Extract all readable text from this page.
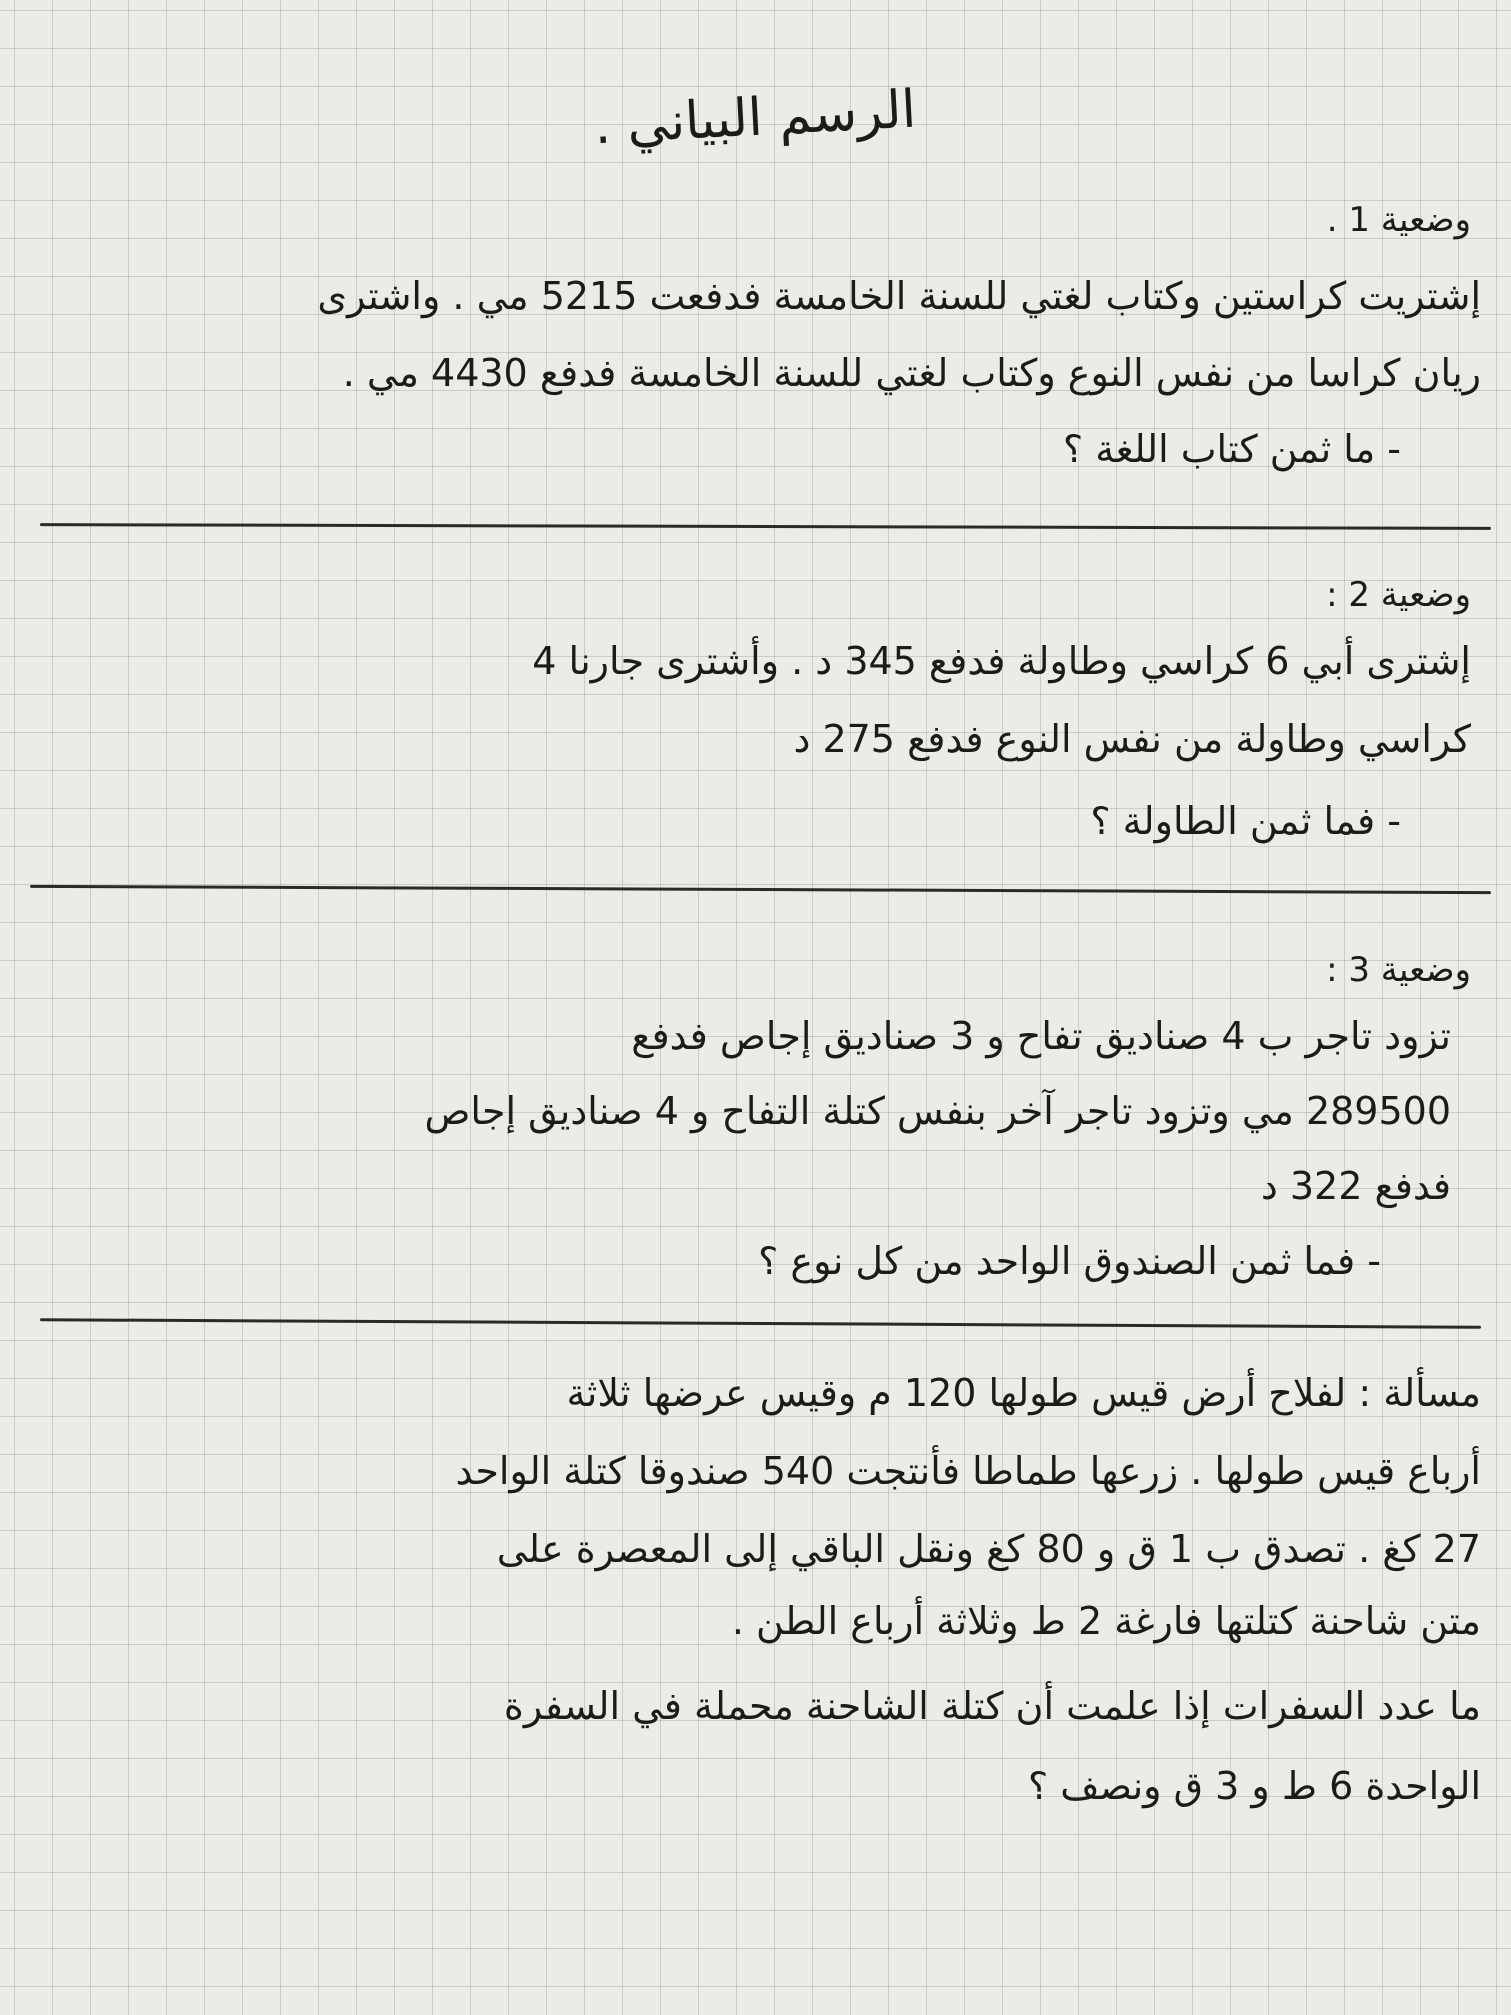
الرسم البياني .
وضعية 1 .
إشتريت كراستين وكتاب لغتي للسنة الخامسة فدفعت 5215 مي . واشترى
ريان كراسا من نفس النوع وكتاب لغتي للسنة الخامسة فدفع 4430 مي .
- ما ثمن كتاب اللغة ؟
وضعية 2 :
إشترى أبي 6 كراسي وطاولة فدفع 345 د . وأشترى جارنا 4
كراسي وطاولة من نفس النوع فدفع 275 د
- فما ثمن الطاولة ؟
وضعية 3 :
تزود تاجر ب 4 صناديق تفاح و 3 صناديق إجاص فدفع
289500 مي وتزود تاجر آخر بنفس كتلة التفاح و 4 صناديق إجاص
فدفع 322 د
- فما ثمن الصندوق الواحد من كل نوع ؟
مسألة : لفلاح أرض قيس طولها 120 م وقيس عرضها ثلاثة
أرباع قيس طولها . زرعها طماطا فأنتجت 540 صندوقا كتلة الواحد
27 كغ . تصدق ب 1 ق و 80 كغ ونقل الباقي إلى المعصرة على
متن شاحنة كتلتها فارغة 2 ط وثلاثة أرباع الطن .
ما عدد السفرات إذا علمت أن كتلة الشاحنة محملة في السفرة
الواحدة 6 ط و 3 ق ونصف ؟
